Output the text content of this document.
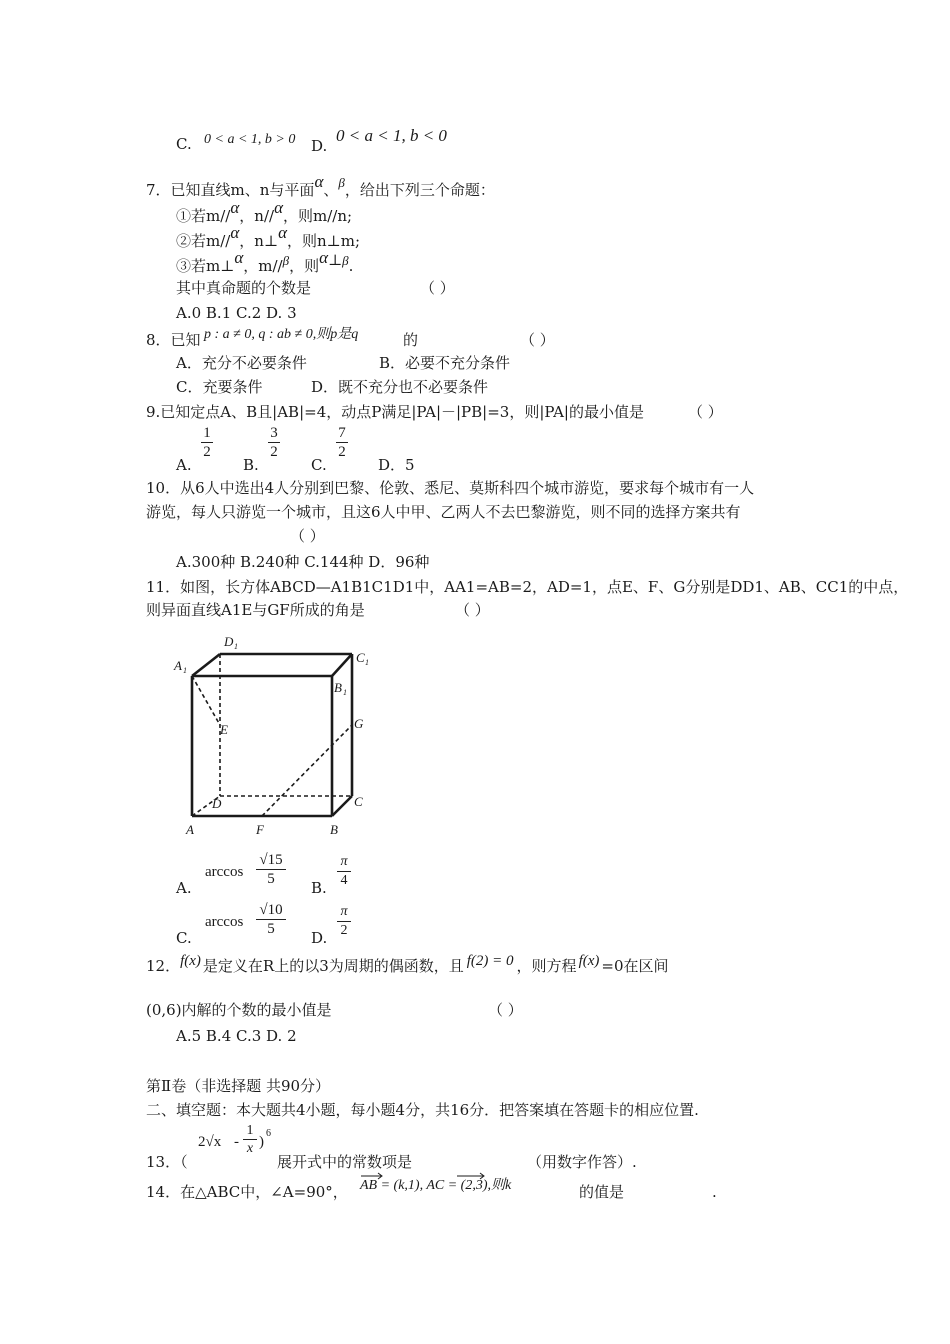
C. 0 < a < 1, b > 0 D.
0 < a < 1, b < 0
7．已知直线m、n与平面α、β，给出下列三个命题：
①若m//α，n//α，则m//n;
②若m//α，n⊥α，则n⊥m;
③若m⊥α，m//β，则α⊥β.
其中真命题的个数是	（ ）
A.0 B.1 C.2 D. 3
8．已知 p : a ≠ 0, q : ab ≠ 0,则p是q	的	（ ）
A．充分不必要条件	B．必要不充分条件
C．充要条件	D．既不充分也不必要条件
9.已知定点A、B且|AB|=4，动点P满足|PA|－|PB|=3，则|PA|的最小值是	（ ）
A.
1
2
B.
3
2
C.
7
2
D．5
10．从6人中选出4人分别到巴黎、伦敦、悉尼、莫斯科四个城市游览，要求每个城市有一人
游览，每人只游览一个城市，且这6人中甲、乙两人不去巴黎游览，则不同的选择方案共有
（ ）
A.300种 B.240种 C.144种 D．96种
11．如图，长方体ABCD—A1B1C1D1中，AA1=AB=2，AD=1，点E、F、G分别是DD1、AB、CC1的中点，
则异面直线A1E与GF所成的角是	（ ）
D 1
A 1
C 1
B 1
E	G
D	C
A	F	B
A.
$\arccos \frac{√15}{5} B$. $\frac{\pi}{4}$
C.
$\arccos \frac{√10}{5} D$. $\frac{\pi}{2}$
12．f(x) 是定义在R上的以3为周期的偶函数，且 f(2) = 0 ，则方程 f(x) =0在区间
(0,6)内解的个数的最小值是	（ ）
A.5 B.4 C.3 D. 2
第Ⅱ卷（非选择题 共90分）
二、填空题：本大题共4小题，每小题4分，共16分．把答案填在答题卡的相应位置.
13．（
$2√x - \frac{1}{x}$ )
6
展开式中的常数项是	（用数字作答）.
14．在△ABC中，∠A=90°， AB = (k,1), AC = (2,3),则k	的值是	.
